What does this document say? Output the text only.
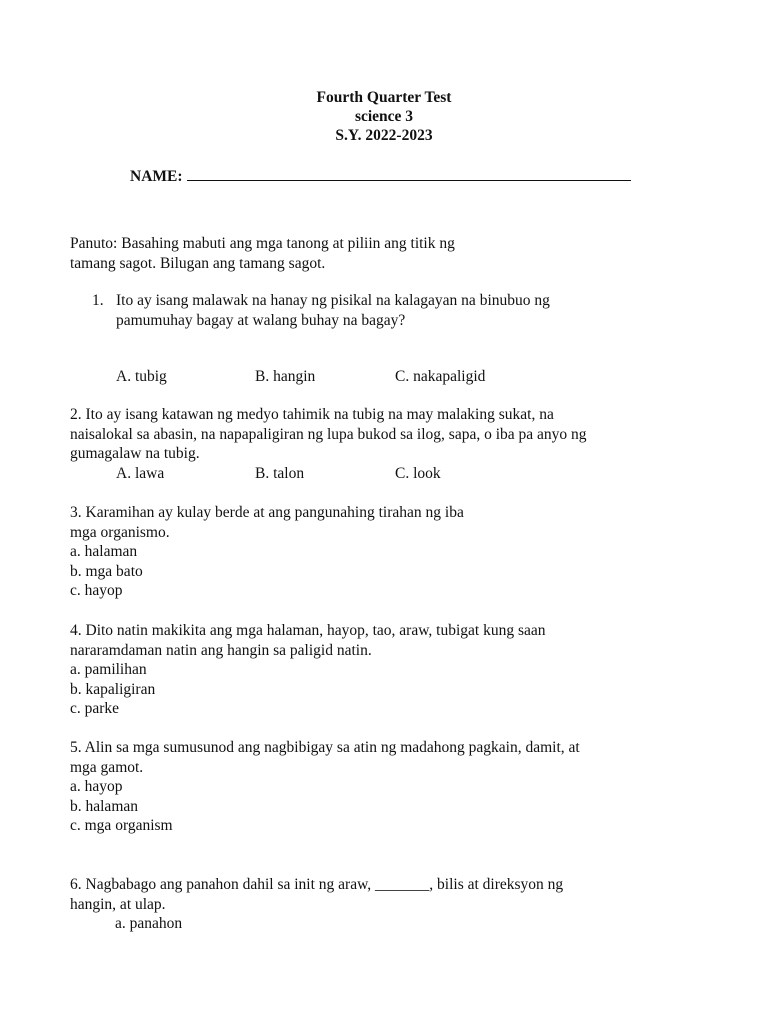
Fourth Quarter Test
science 3
S.Y. 2022-2023
NAME:
Panuto: Basahing mabuti ang mga tanong at piliin ang titik ng
tamang sagot. Bilugan ang tamang sagot.
1. Ito ay isang malawak na hanay ng pisikal na kalagayan na binubuo ng
pamumuhay bagay at walang buhay na bagay?
A. tubig	B. hangin	C. nakapaligid
2. Ito ay isang katawan ng medyo tahimik na tubig na may malaking sukat, na
naisalokal sa abasin, na napapaligiran ng lupa bukod sa ilog, sapa, o iba pa anyo ng
gumagalaw na tubig.
A. lawa	B. talon	C. look
3. Karamihan ay kulay berde at ang pangunahing tirahan ng iba
mga organismo.
a. halaman
b. mga bato
c. hayop
4. Dito natin makikita ang mga halaman, hayop, tao, araw, tubigat kung saan
nararamdaman natin ang hangin sa paligid natin.
a. pamilihan
b. kapaligiran
c. parke
5. Alin sa mga sumusunod ang nagbibigay sa atin ng madahong pagkain, damit, at
mga gamot.
a. hayop
b. halaman
c. mga organism
6. Nagbabago ang panahon dahil sa init ng araw, _______, bilis at direksyon ng
hangin, at ulap.
a. panahon
